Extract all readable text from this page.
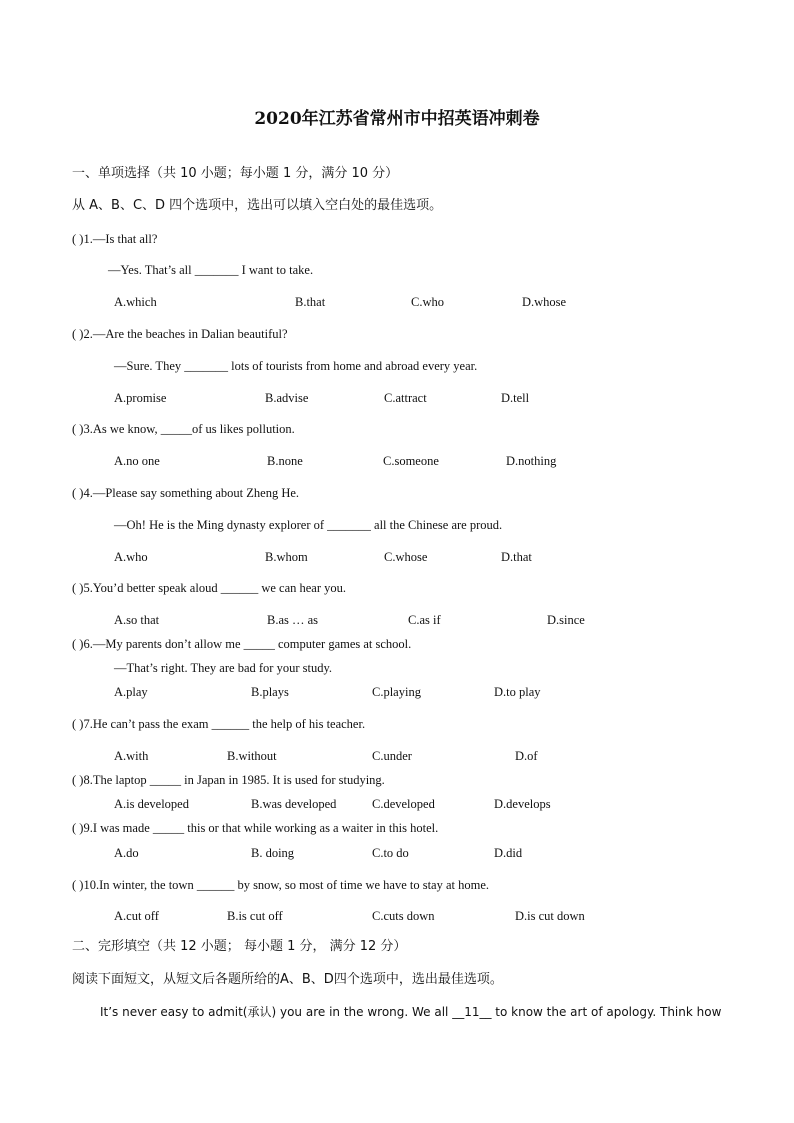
2020年江苏省常州市中招英语冲刺卷
一、单项选择（共 10 小题；每小题 1 分，满分 10 分）
从 A、B、C、D 四个选项中，选出可以填入空白处的最佳选项。
( )1.—Is that all?
—Yes. That’s all _______ I want to take.
A.which	B.that	C.who	D.whose
( )2.—Are the beaches in Dalian beautiful?
—Sure. They _______ lots of tourists from home and abroad every year.
A.promise	B.advise	C.attract	D.tell
( )3.As we know, _____of us likes pollution.
A.no one	B.none	C.someone	D.nothing
( )4.—Please say something about Zheng He.
—Oh! He is the Ming dynasty explorer of _______ all the Chinese are proud.
A.who	B.whom	C.whose	D.that
( )5.You’d better speak aloud ______ we can hear you.
A.so that	B.as … as	C.as if	D.since
( )6.—My parents don’t allow me _____ computer games at school.
—That’s right. They are bad for your study.
A.play	B.plays	C.playing	D.to play
( )7.He can’t pass the exam ______ the help of his teacher.
A.with	B.without	C.under	D.of
( )8.The laptop _____ in Japan in 1985. It is used for studying.
A.is developed	B.was developed	C.developed	D.develops
( )9.I was made _____ this or that while working as a waiter in this hotel.
A.do	B. doing	C.to do	D.did
( )10.In winter, the town ______ by snow, so most of time we have to stay at home.
A.cut off	B.is cut off	C.cuts down	D.is cut down
二、完形填空（共 12 小题； 每小题 1 分， 满分 12 分）
阅读下面短文，从短文后各题所给的A、B、D四个选项中，选出最佳选项。
It’s never easy to admit(承认) you are in the wrong. We all __11__ to know the art of apology. Think how
